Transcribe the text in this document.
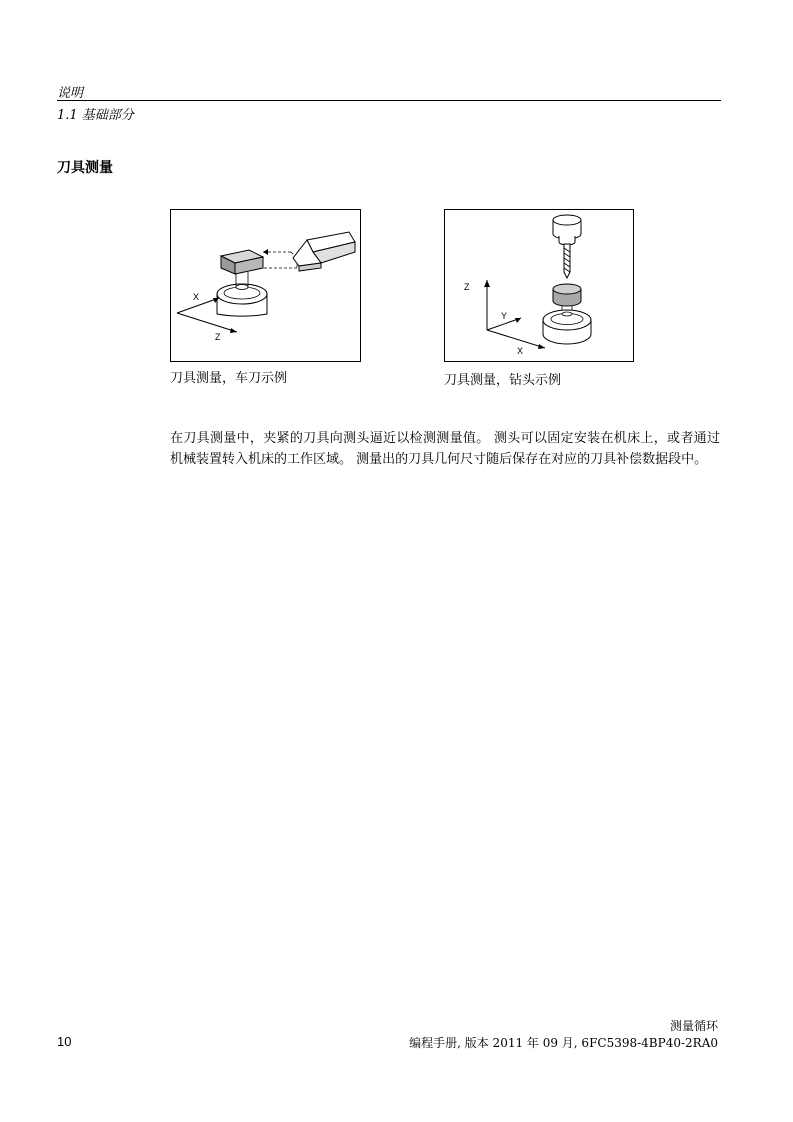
说明
1.1 基础部分
刀具测量
X
Z
刀具测量，车刀示例
Z
Y
X
刀具测量，钻头示例
在刀具测量中，夹紧的刀具向测头逼近以检测测量值。 测头可以固定安装在机床上，或者通过机械装置转入机床的工作区域。 测量出的刀具几何尺寸随后保存在对应的刀具补偿数据段中。
测量循环
10	编程手册, 版本 2011 年 09 月, 6FC5398-4BP40-2RA0
